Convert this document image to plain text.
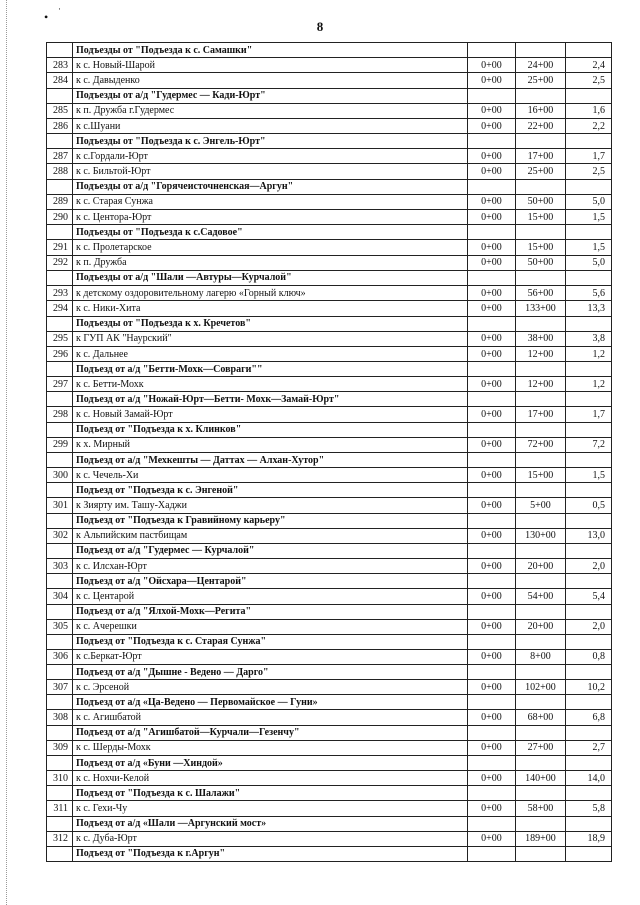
•
·
8
	Подъезды от "Подъезда к с. Самашки"			
283	к с. Новый-Шарой	0+00	24+00	2,4
284	к с. Давыденко	0+00	25+00	2,5
	Подъезды от а/д "Гудермес — Кади-Юрт"			
285	к п. Дружба г.Гудермес	0+00	16+00	1,6
286	к с.Шуани	0+00	22+00	2,2
	Подъезды от "Подъезда к с. Энгель-Юрт"			
287	к с.Гордали-Юрт	0+00	17+00	1,7
288	к с. Бильтой-Юрт	0+00	25+00	2,5
	Подъезды от а/д "Горячеисточненская—Аргун"			
289	к с. Старая Сунжа	0+00	50+00	5,0
290	к с. Центора-Юрт	0+00	15+00	1,5
	Подъезды от "Подъезда к с.Садовое"			
291	к с. Пролетарское	0+00	15+00	1,5
292	к п. Дружба	0+00	50+00	5,0
	Подъезды от а/д "Шали —Автуры—Курчалой"			
293	к детскому оздоровительному лагерю «Горный ключ»	0+00	56+00	5,6
294	к с. Ники-Хита	0+00	133+00	13,3
	Подъезды от "Подъезда к х. Кречетов"			
295	к ГУП АК "Наурский"	0+00	38+00	3,8
296	к с. Дальнее	0+00	12+00	1,2
	Подъезд от а/д "Бетти-Мохк—Совраги""			
297	к с. Бетти-Мохк	0+00	12+00	1,2
	Подъезд от а/д "Ножай-Юрт—Бетти- Мохк—Замай-Юрт"			
298	к с. Новый Замай-Юрт	0+00	17+00	1,7
	Подъезд от "Подъезда к х. Клинков"			
299	к х. Мирный	0+00	72+00	7,2
	Подъезд от а/д "Мехкешты — Даттах — Алхан-Хутор"			
300	к с. Чечель-Хи	0+00	15+00	1,5
	Подъезд от "Подъезда к с. Энгеной"			
301	к Зиярту им. Ташу-Хаджи	0+00	5+00	0,5
	Подъезд от "Подъезда к Гравийному карьеру"			
302	к Альпийским пастбищам	0+00	130+00	13,0
	Подъезд от а/д "Гудермес — Курчалой"			
303	к с. Илсхан-Юрт	0+00	20+00	2,0
	Подъезд от а/д "Ойсхара—Центарой"			
304	к с. Центарой	0+00	54+00	5,4
	Подъезд от а/д "Ялхой-Мохк—Регита"			
305	к с. Ачерешки	0+00	20+00	2,0
	Подъезд от "Подъезда к с. Старая Сунжа"			
306	к с.Беркат-Юрт	0+00	8+00	0,8
	Подъезд от а/д "Дышне - Ведено — Дарго"			
307	к с. Эрсеной	0+00	102+00	10,2
	Подъезд от а/д «Ца-Ведено — Первомайское — Гуни»			
308	к с. Агишбатой	0+00	68+00	6,8
	Подъезд от а/д "Агишбатой—Курчали—Гезенчу"			
309	к с. Шерды-Мохк	0+00	27+00	2,7
	Подъезд от а/д «Буни —Хиндой»			
310	к с. Нохчи-Келой	0+00	140+00	14,0
	Подъезд от "Подъезда к с. Шалажи"			
311	к с. Гехи-Чу	0+00	58+00	5,8
	Подъезд от а/д «Шали —Аргунский мост»			
312	к с. Дуба-Юрт	0+00	189+00	18,9
	Подъезд от "Подъезда к г.Аргун"			
